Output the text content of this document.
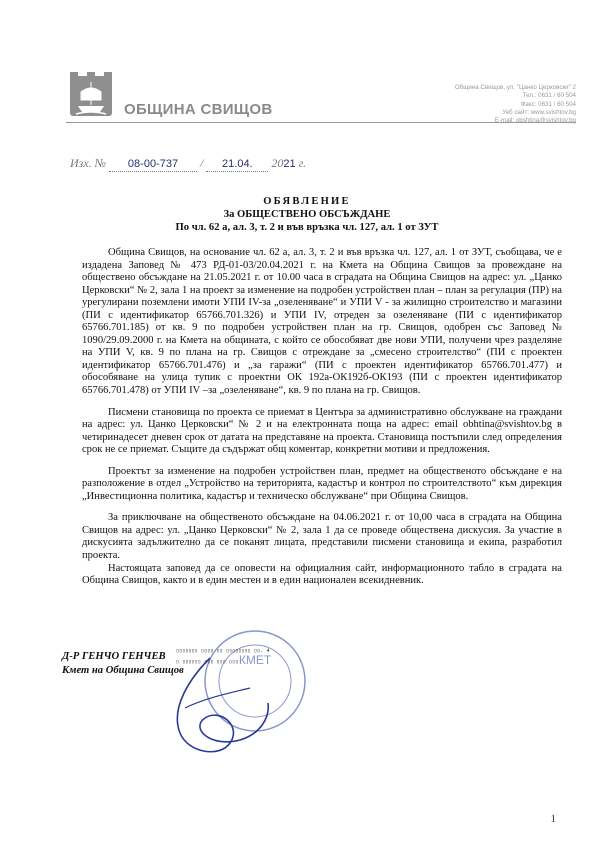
ОБЩИНА СВИЩОВ
Община Свищов, ул. "Цанко Церковски" 2
Тел.: 0631 / 60 504
Факс: 0631 / 60 504
Уеб сайт: www.svishtov.bg
E-mail: obshtina@svishtov.bg
Изх. № 08-00-737 / 21.04. 2021 г.
ОБЯВЛЕНИЕ
За ОБЩЕСТВЕНО ОБСЪЖДАНЕ
По чл. 62 а, ал. 3, т. 2 и във връзка чл. 127, ал. 1 от ЗУТ

Община Свищов, на основание чл. 62 а, ал. 3, т. 2 и във връзка чл. 127, ал. 1 от ЗУТ, съобщава, че е издадена Заповед № 473 РД-01-03/20.04.2021 г. на Кмета на Община Свищов за провеждане на обществено обсъждане на 21.05.2021 г. от 10.00 часа в сградата на Община Свищов на адрес: ул. „Цанко Церковски“ № 2, зала 1 на проект за изменение на подробен устройствен план – план за регулация (ПР) на урегулирани поземлени имоти УПИ IV-за „озеленяване“ и УПИ V - за жилищно строителство и магазини (ПИ с идентификатор 65766.701.326) и УПИ IV, отреден за озеленяване (ПИ с идентификатор 65766.701.185) от кв. 9 по подробен устройствен план на гр. Свищов, одобрен със Заповед № 1090/29.09.2000 г. на Кмета на общината, с който се обособяват две нови УПИ, получени чрез разделяне на УПИ V, кв. 9 по плана на гр. Свищов с отреждане за „смесено строителство“ (ПИ с проектен идентификатор 65766.701.476) и „за гаражи“ (ПИ с проектен идентификатор 65766.701.477) и обособяване на улица тупик с проектни ОК 192а-ОК192б-ОК193 (ПИ с проектен идентификатор 65766.701.478) от УПИ IV –за „озеленяване“, кв. 9 по плана на гр. Свищов.

Писмени становища по проекта се приемат в Центъра за административно обслужване на граждани на адрес: ул. Цанко Церковски“ № 2 и на електронната поща на адрес: email obhtina@svishtov.bg в четиринадесет дневен срок от датата на представяне на проекта. Становища постъпили след определения срок не се приемат. Същите да съдържат общ коментар, конкретни мотиви и предложения.

Проектът за изменение на подробен устройствен план, предмет на общественото обсъждане е на разположение в отдел „Устройство на територията, кадастър и контрол по строителството“ към дирекция „Инвестиционна политика, кадастър и техническо обслужване“ при Община Свищов.

За приключване на общественото обсъждане на 04.06.2021 г. от 10,00 часа в сградата на Община Свищов на адрес: ул. „Цанко Церковски“ № 2, зала 1 да се проведе обществена дискусия. За участие в дискусията задължително да се поканят лицата, представили писмени становища и екипа, разработил проекта.

Настоящата заповед да се оповести на официалния сайт, информационното табло в сградата на Община Свищов, както и в един местен и в един национален всекидневник.

КМЕТ
Д-Р ГЕНЧО ГЕНЧЕВ
Кмет на Община Свищов
▯▯▯▯▯▯▯ ▯▯▯▯ ▯▯ ▯▯▯▯▯▯▯▯ ▯▯. 4
▯ ▯▯▯▯▯▯ ▯▯▯ ▯▯▯ ▯▯▯
1
